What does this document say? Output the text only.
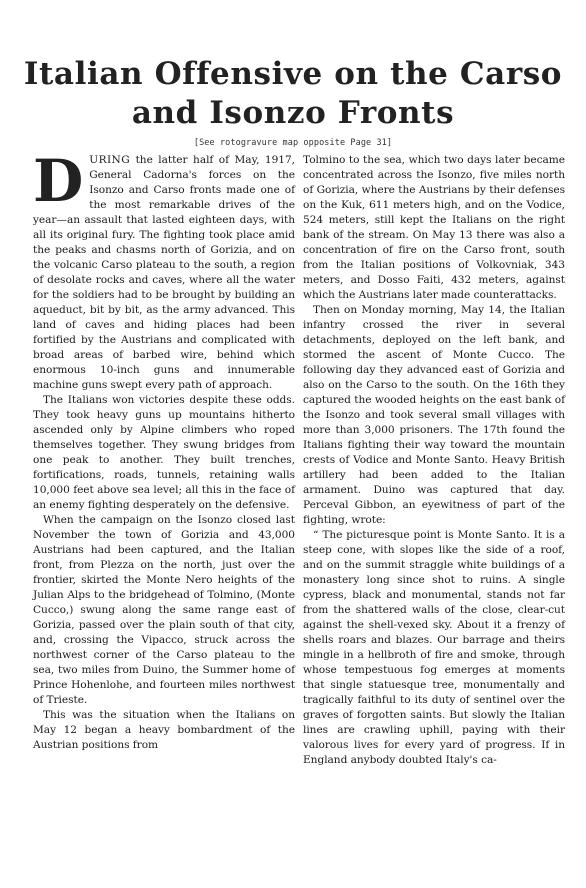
Italian Offensive on the Carso
and Isonzo Fronts
[See rotogravure map opposite Page 31]

DURING the latter half of May, 1917, General Cadorna's forces on the Isonzo and Carso fronts made one of the most remarkable drives of the year—an assault that lasted eighteen days, with all its original fury. The fighting took place amid the peaks and chasms north of Gorizia, and on the volcanic Carso plateau to the south, a region of desolate rocks and caves, where all the water for the soldiers had to be brought by building an aqueduct, bit by bit, as the army advanced. This land of caves and hiding places had been fortified by the Austrians and complicated with broad areas of barbed wire, behind which enormous 10-inch guns and innumerable machine guns swept every path of approach.

The Italians won victories despite these odds. They took heavy guns up mountains hitherto ascended only by Alpine climbers who roped themselves together. They swung bridges from one peak to another. They built trenches, fortifications, roads, tunnels, retaining walls 10,000 feet above sea level; all this in the face of an enemy fighting desperately on the defensive.

When the campaign on the Isonzo closed last November the town of Gorizia and 43,000 Austrians had been captured, and the Italian front, from Plezza on the north, just over the frontier, skirted the Monte Nero heights of the Julian Alps to the bridgehead of Tolmino, (Monte Cucco,) swung along the same range east of Gorizia, passed over the plain south of that city, and, crossing the Vipacco, struck across the northwest corner of the Carso plateau to the sea, two miles from Duino, the Summer home of Prince Hohenlohe, and fourteen miles northwest of Trieste.

This was the situation when the Italians on May 12 began a heavy bombardment of the Austrian positions from

Tolmino to the sea, which two days later became concentrated across the Isonzo, five miles north of Gorizia, where the Austrians by their defenses on the Kuk, 611 meters high, and on the Vodice, 524 meters, still kept the Italians on the right bank of the stream. On May 13 there was also a concentration of fire on the Carso front, south from the Italian positions of Volkovniak, 343 meters, and Dosso Faiti, 432 meters, against which the Austrians later made counterattacks.

Then on Monday morning, May 14, the Italian infantry crossed the river in several detachments, deployed on the left bank, and stormed the ascent of Monte Cucco. The following day they advanced east of Gorizia and also on the Carso to the south. On the 16th they captured the wooded heights on the east bank of the Isonzo and took several small villages with more than 3,000 prisoners. The 17th found the Italians fighting their way toward the mountain crests of Vodice and Monte Santo. Heavy British artillery had been added to the Italian armament. Duino was captured that day. Perceval Gibbon, an eyewitness of part of the fighting, wrote:

“ The picturesque point is Monte Santo. It is a steep cone, with slopes like the side of a roof, and on the summit straggle white buildings of a monastery long since shot to ruins. A single cypress, black and monumental, stands not far from the shattered walls of the close, clear-cut against the shell-vexed sky. About it a frenzy of shells roars and blazes. Our barrage and theirs mingle in a hellbroth of fire and smoke, through whose tempestuous fog emerges at moments that single statuesque tree, monumentally and tragically faithful to its duty of sentinel over the graves of forgotten saints. But slowly the Italian lines are crawling uphill, paying with their valorous lives for every yard of progress. If in England anybody doubted Italy's ca-
